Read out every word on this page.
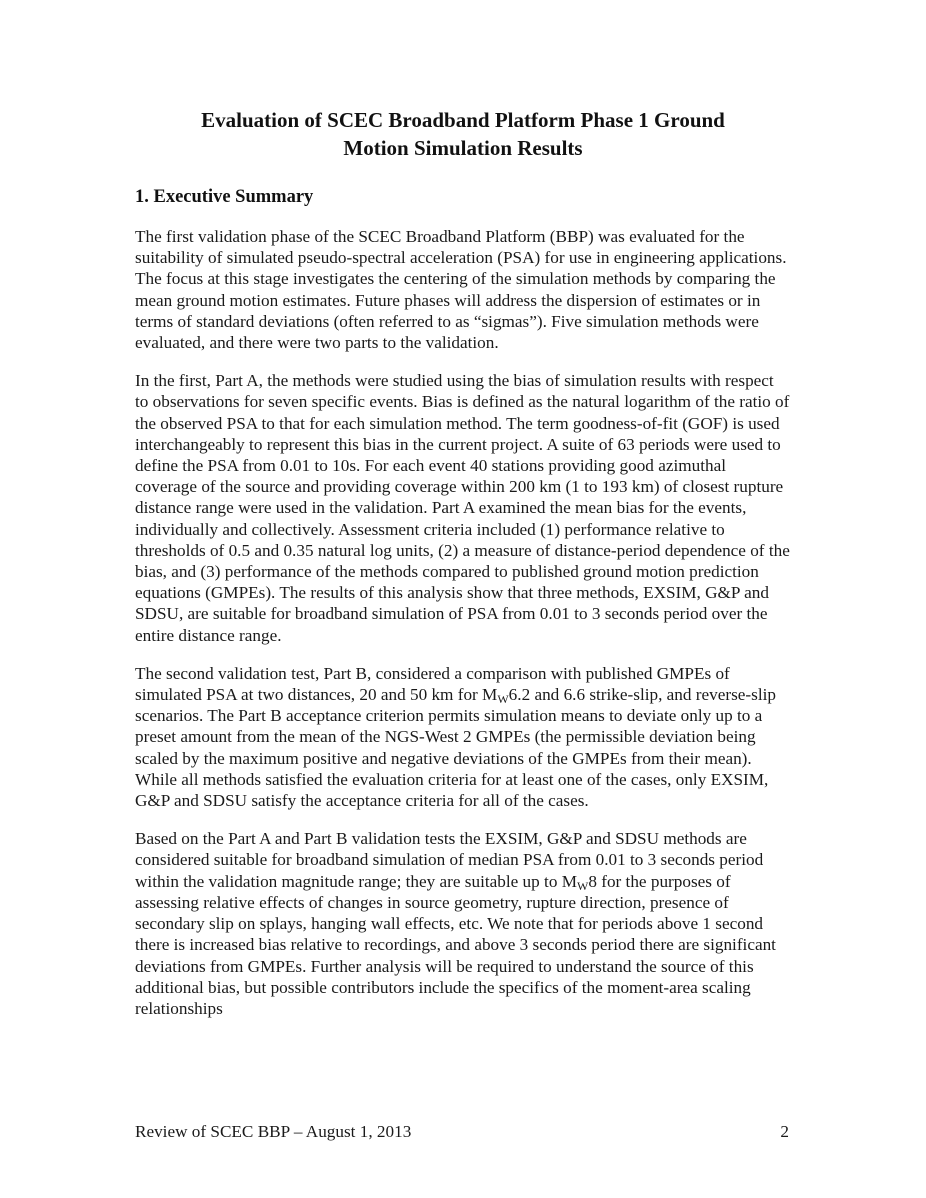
Evaluation of SCEC Broadband Platform Phase 1 Ground
Motion Simulation Results
1. Executive Summary

The first validation phase of the SCEC Broadband Platform (BBP) was evaluated for the suitability of simulated pseudo-spectral acceleration (PSA) for use in engineering applications. The focus at this stage investigates the centering of the simulation methods by comparing the mean ground motion estimates. Future phases will address the dispersion of estimates or in terms of standard deviations (often referred to as “sigmas”). Five simulation methods were evaluated, and there were two parts to the validation.

In the first, Part A, the methods were studied using the bias of simulation results with respect to observations for seven specific events. Bias is defined as the natural logarithm of the ratio of the observed PSA to that for each simulation method. The term goodness-of-fit (GOF) is used interchangeably to represent this bias in the current project. A suite of 63 periods were used to define the PSA from 0.01 to 10s. For each event 40 stations providing good azimuthal coverage of the source and providing coverage within 200 km (1 to 193 km) of closest rupture distance range were used in the validation. Part A examined the mean bias for the events, individually and collectively. Assessment criteria included (1) performance relative to thresholds of 0.5 and 0.35 natural log units, (2) a measure of distance-period dependence of the bias, and (3) performance of the methods compared to published ground motion prediction equations (GMPEs). The results of this analysis show that three methods, EXSIM, G&P and SDSU, are suitable for broadband simulation of PSA from 0.01 to 3 seconds period over the entire distance range.

The second validation test, Part B, considered a comparison with published GMPEs of simulated PSA at two distances, 20 and 50 km for $M_W6.2$ and 6.6 strike-slip, and reverse-slip scenarios. The Part B acceptance criterion permits simulation means to deviate only up to a preset amount from the mean of the NGS-West 2 GMPEs (the permissible deviation being scaled by the maximum positive and negative deviations of the GMPEs from their mean). While all methods satisfied the evaluation criteria for at least one of the cases, only EXSIM, G&P and SDSU satisfy the acceptance criteria for all of the cases.

Based on the Part A and Part B validation tests the EXSIM, G&P and SDSU methods are considered suitable for broadband simulation of median PSA from 0.01 to 3 seconds period within the validation magnitude range; they are suitable up to $M_W8$ for the purposes of assessing relative effects of changes in source geometry, rupture direction, presence of secondary slip on splays, hanging wall effects, etc. We note that for periods above 1 second there is increased bias relative to recordings, and above 3 seconds period there are significant deviations from GMPEs. Further analysis will be required to understand the source of this additional bias, but possible contributors include the specifics of the moment-area scaling relationships

Review of SCEC BBP – August 1, 2013	2
